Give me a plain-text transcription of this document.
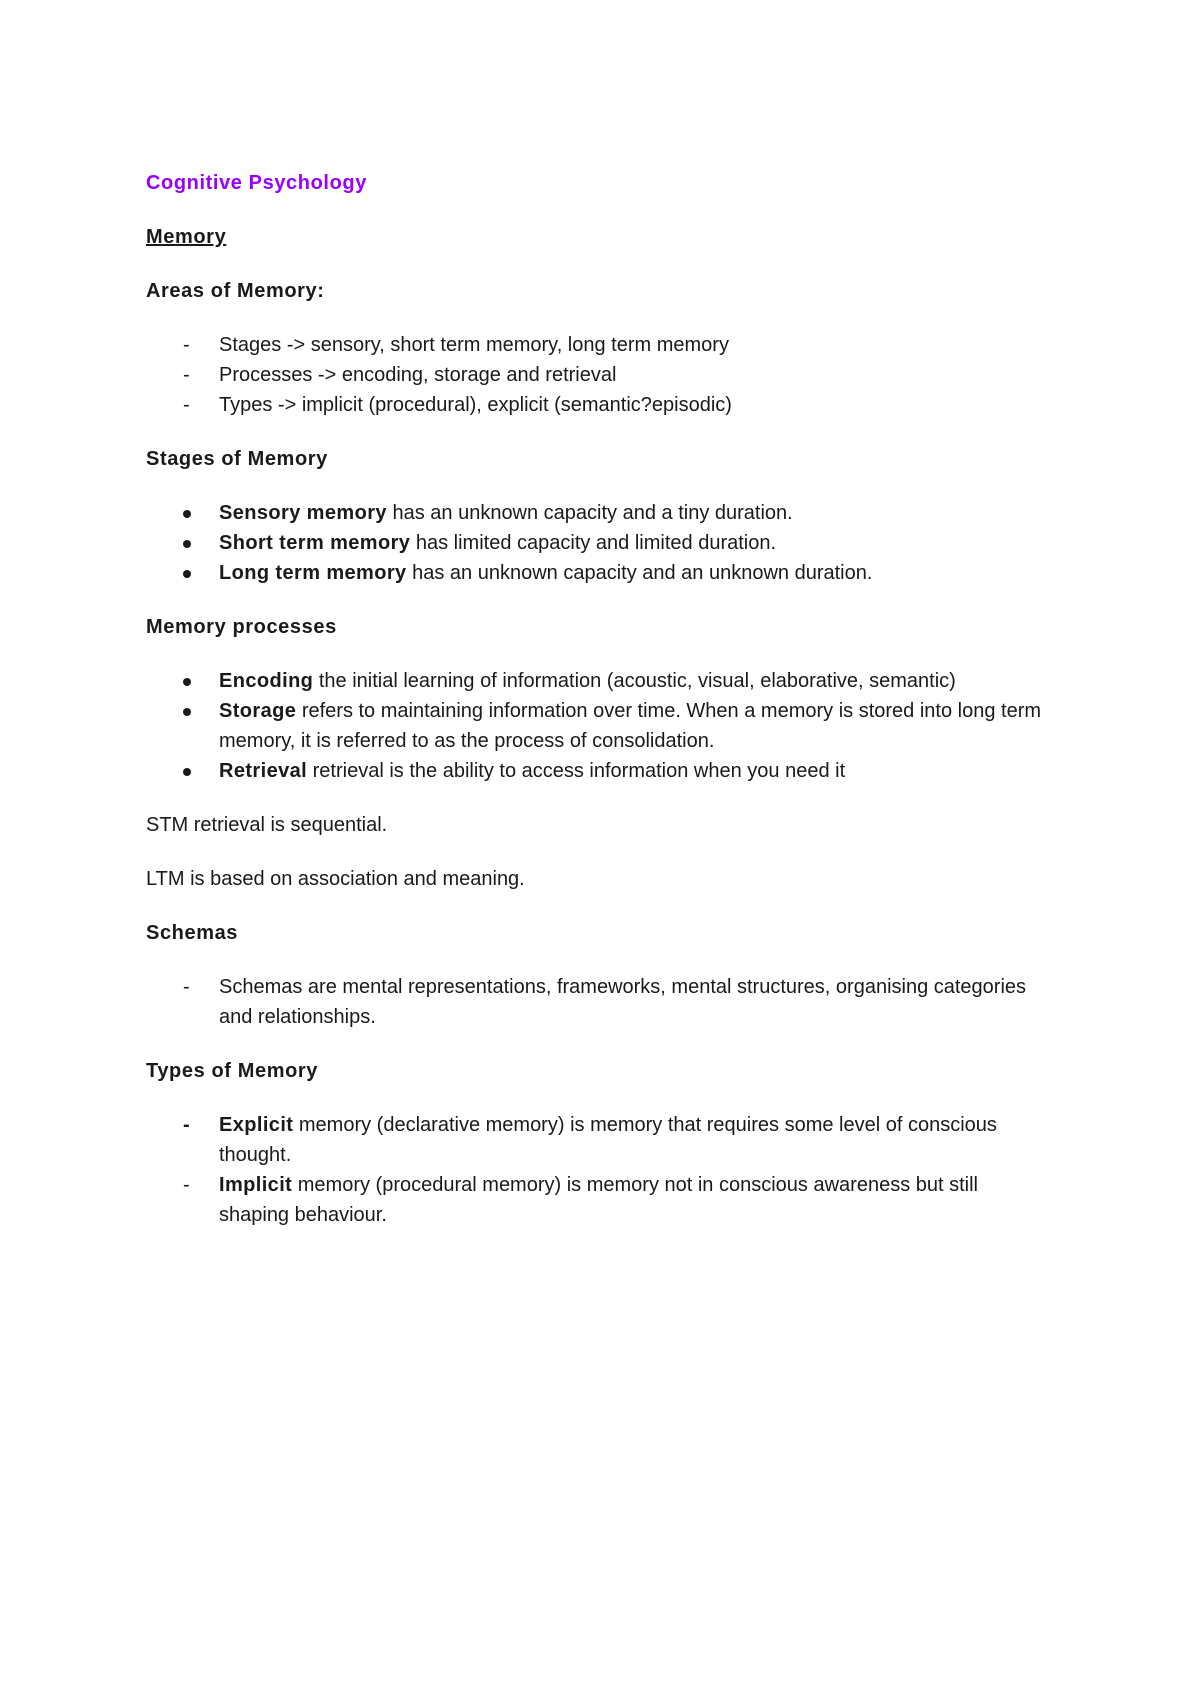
Cognitive Psychology
Memory
Areas of Memory:
-	Stages -> sensory, short term memory, long term memory
-	Processes -> encoding, storage and retrieval
-	Types -> implicit (procedural), explicit (semantic?episodic)
Stages of Memory
Sensory memory has an unknown capacity and a tiny duration.
Short term memory has limited capacity and limited duration.
Long term memory has an unknown capacity and an unknown duration.
Memory processes
Encoding the initial learning of information (acoustic, visual, elaborative, semantic)
Storage refers to maintaining information over time. When a memory is stored into long term memory, it is referred to as the process of consolidation.
Retrieval retrieval is the ability to access information when you need it
STM retrieval is sequential.
LTM is based on association and meaning.
Schemas
-	Schemas are mental representations, frameworks, mental structures, organising categories and relationships.
Types of Memory
-	Explicit memory (declarative memory) is memory that requires some level of conscious thought.
-	Implicit memory (procedural memory) is memory not in conscious awareness but still shaping behaviour.
